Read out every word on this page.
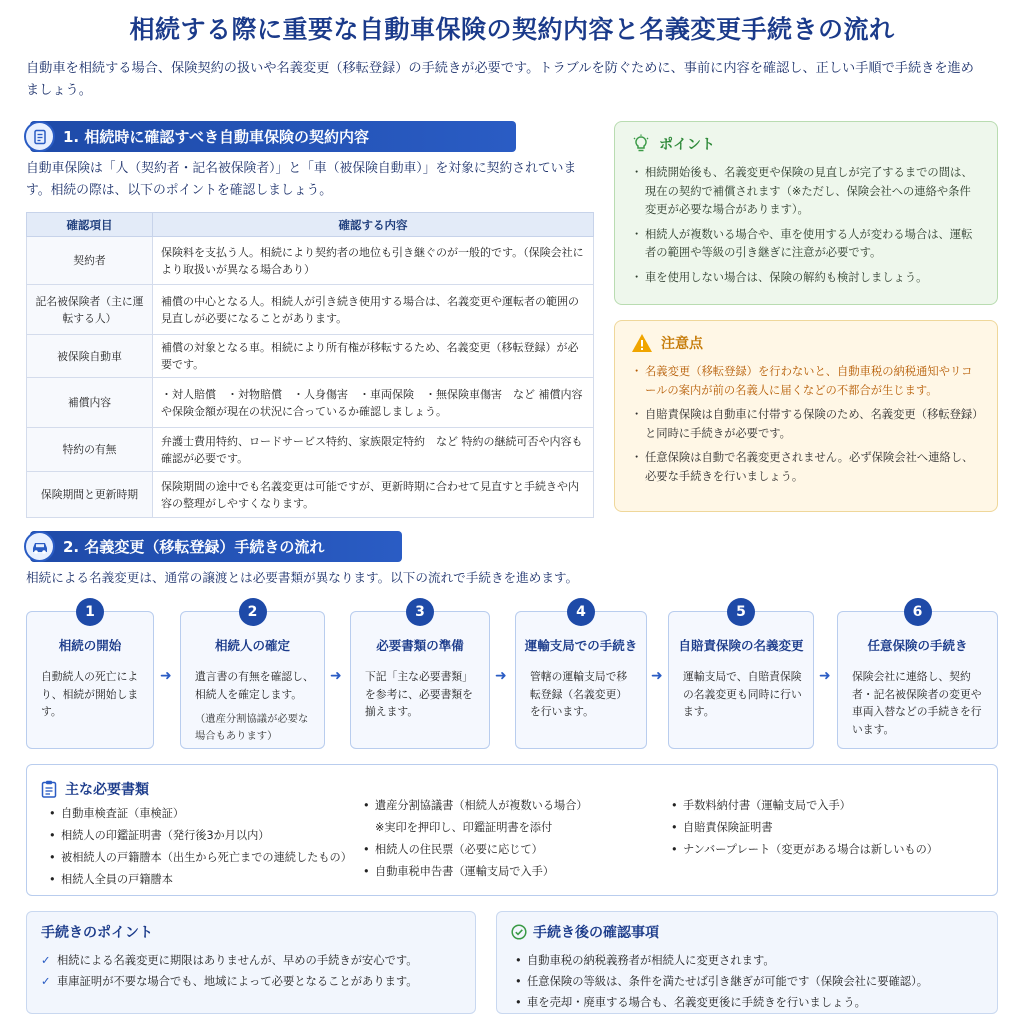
相続する際に重要な自動車保険の契約内容と名義変更手続きの流れ
自動車を相続する場合、保険契約の扱いや名義変更（移転登録）の手続きが必要です。トラブルを防ぐために、事前に内容を確認し、正しい手順で手続きを進めましょう。
1. 相続時に確認すべき自動車保険の契約内容
自動車保険は「人（契約者・記名被保険者）」と「車（被保険自動車）」を対象に契約されています。相続の際は、以下のポイントを確認しましょう。
確認項目	確認する内容
契約者	保険料を支払う人。相続により契約者の地位も引き継ぐのが一般的です。（保険会社により取扱いが異なる場合あり）
記名被保険者（主に運転する人）	補償の中心となる人。相続人が引き続き使用する場合は、名義変更や運転者の範囲の見直しが必要になることがあります。
被保険自動車	補償の対象となる車。相続により所有権が移転するため、名義変更（移転登録）が必要です。
補償内容	・対人賠償　・対物賠償　・人身傷害　・車両保険　・無保険車傷害　など 補償内容や保険金額が現在の状況に合っているか確認しましょう。
特約の有無	弁護士費用特約、ロードサービス特約、家族限定特約　など 特約の継続可否や内容も確認が必要です。
保険期間と更新時期	保険期間の途中でも名義変更は可能ですが、更新時期に合わせて見直すと手続きや内容の整理がしやすくなります。
ポイント
・ 相続開始後も、名義変更や保険の見直しが完了するまでの間は、現在の契約で補償されます（※ただし、保険会社への連絡や条件変更が必要な場合があります）。
・ 相続人が複数いる場合や、車を使用する人が変わる場合は、運転者の範囲や等級の引き継ぎに注意が必要です。
・ 車を使用しない場合は、保険の解約も検討しましょう。
注意点
・ 名義変更（移転登録）を行わないと、自動車税の納税通知やリコールの案内が前の名義人に届くなどの不都合が生じます。
・ 自賠責保険は自動車に付帯する保険のため、名義変更（移転登録）と同時に手続きが必要です。
・ 任意保険は自動で名義変更されません。必ず保険会社へ連絡し、必要な手続きを行いましょう。
2. 名義変更（移転登録）手続きの流れ
相続による名義変更は、通常の譲渡とは必要書類が異なります。以下の流れで手続きを進めます。
1
相続の開始
自動続人の死亡により、相続が開始します。
➜
2
相続人の確定
遺言書の有無を確認し、相続人を確定します。
（遺産分割協議が必要な場合もあります）
➜
3
必要書類の準備
下記「主な必要書類」を参考に、必要書類を揃えます。
➜
4
運輸支局での手続き
管轄の運輸支局で移転登録（名義変更）を行います。
➜
5
自賠責保険の名義変更
運輸支局で、自賠責保険の名義変更も同時に行います。
➜
6
任意保険の手続き
保険会社に連絡し、契約者・記名被保険者の変更や車両入替などの手続きを行います。
主な必要書類
• 自動車検査証（車検証）
• 相続人の印鑑証明書（発行後3か月以内）
• 被相続人の戸籍謄本（出生から死亡までの連続したもの）
• 相続人全員の戸籍謄本
• 遺産分割協議書（相続人が複数いる場合）
※実印を押印し、印鑑証明書を添付
• 相続人の住民票（必要に応じて）
• 自動車税申告書（運輸支局で入手）
• 手数料納付書（運輸支局で入手）
• 自賠責保険証明書
• ナンバープレート（変更がある場合は新しいもの）
手続きのポイント
✓ 相続による名義変更に期限はありませんが、早めの手続きが安心です。
✓ 車庫証明が不要な場合でも、地域によって必要となることがあります。
手続き後の確認事項
• 自動車税の納税義務者が相続人に変更されます。
• 任意保険の等級は、条件を満たせば引き継ぎが可能です（保険会社に要確認）。
• 車を売却・廃車する場合も、名義変更後に手続きを行いましょう。
